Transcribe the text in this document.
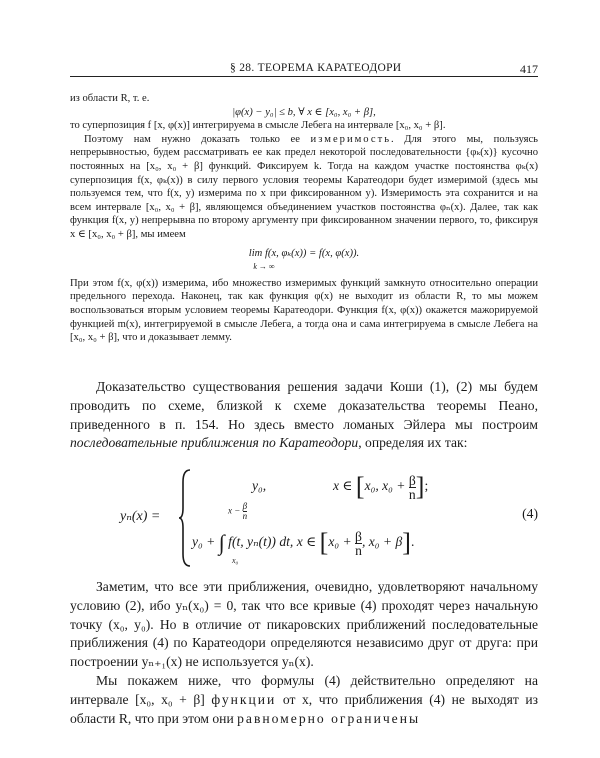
§ 28. ТЕОРЕМА КАРАТЕОДОРИ	417

из области R, т. е.

|φ(x) − y₀| ≤ b, ∀ x ∈ [x₀, x₀ + β],

то суперпозиция f [x, φ(x)] интегрируема в смысле Лебега на интервале [x₀, x₀ + β].

Поэтому нам нужно доказать только ее измеримость. Для этого мы, пользуясь непрерывностью, будем рассматривать ее как предел некоторой последовательности {φₖ(x)} кусочно постоянных на [x₀, x₀ + β] функций. Фиксируем k. Тогда на каждом участке постоянства φₖ(x) суперпозиция f(x, φₖ(x)) в силу первого условия теоремы Каратеодори будет измеримой (здесь мы пользуемся тем, что f(x, y) измерима по x при фиксированном y). Измеримость эта сохранится и на всем интервале [x₀, x₀ + β], являющемся объединением участков постоянства φₙ(x). Далее, так как функция f(x, y) непрерывна по второму аргументу при фиксированном значении первого, то, фиксируя x ∈ [x₀, x₀ + β], мы имеем

lim f(x, φₖ(x)) = f(x, φ(x)).
k → ∞

При этом f(x, φ(x)) измерима, ибо множество измеримых функций замкнуто относительно операции предельного перехода. Наконец, так как функция φ(x) не выходит из области R, то мы можем воспользоваться вторым условием теоремы Каратеодори. Функция f(x, φ(x)) окажется мажорируемой функцией m(x), интегрируемой в смысле Лебега, а тогда она и сама интегрируема в смысле Лебега на [x₀, x₀ + β], что и доказывает лемму.

Доказательство существования решения задачи Коши (1), (2) мы будем проводить по схеме, близкой к схеме доказательства теоремы Пеано, приведенного в п. 154. Но здесь вместо ломаных Эйлера мы построим последовательные приближения по Каратеодори, определяя их так:

yₙ(x) =
y₀,	x ∈ [x₀, $x_0 + \frac{\beta}{n}$ ];
$x - \frac{\beta}{n}$
y₀ + ∫ f(t, yₙ(t)) dt, x ∈ [$x_0 + \frac{\beta}{n}$ , x₀ + β].
x₀
(4)

Заметим, что все эти приближения, очевидно, удовлетворяют начальному условию (2), ибо yₙ(x₀) = 0, так что все кривые (4) проходят через начальную точку (x₀, y₀). Но в отличие от пикаровских приближений последовательные приближения (4) по Каратеодори определяются независимо друг от друга: при построении yₙ₊₁(x) не используется yₙ(x).

Мы покажем ниже, что формулы (4) действительно определяют на интервале [x₀, x₀ + β] функции от x, что приближения (4) не выходят из области R, что при этом они равномерно ограничены
